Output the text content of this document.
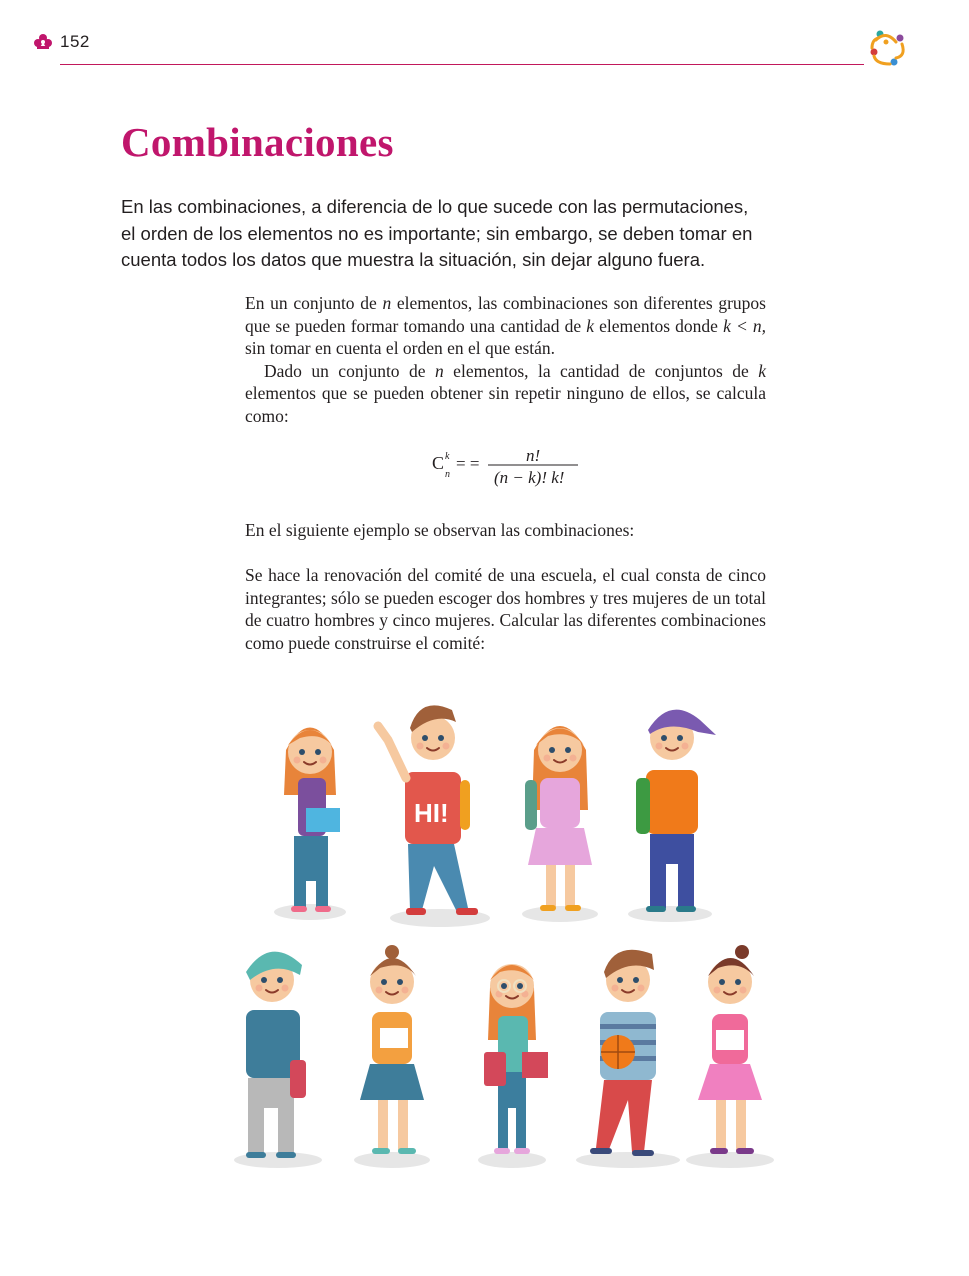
152
Combinaciones
En las combinaciones, a diferencia de lo que sucede con las permutaciones,
el orden de los elementos no es importante; sin embargo, se deben tomar en
cuenta todos los datos que muestra la situación, sin dejar alguno fuera.

En un conjunto de n elementos, las combinaciones son diferentes grupos que se pueden formar tomando una cantidad de k elementos donde k < n, sin tomar en cuenta el orden en el que están.

Dado un conjunto de n elementos, la cantidad de conjuntos de k elementos que se pueden obtener sin repetir ninguno de ellos, se calcula como:

C k
n
= =	n!
(n − k)! k!

En el siguiente ejemplo se observan las combinaciones:

Se hace la renovación del comité de una escuela, el cual consta de cinco integrantes; sólo se pueden escoger dos hombres y tres mujeres de un total de cuatro hombres y cinco mujeres. Calcular las diferentes combinaciones como puede construirse el comité:

HI!
